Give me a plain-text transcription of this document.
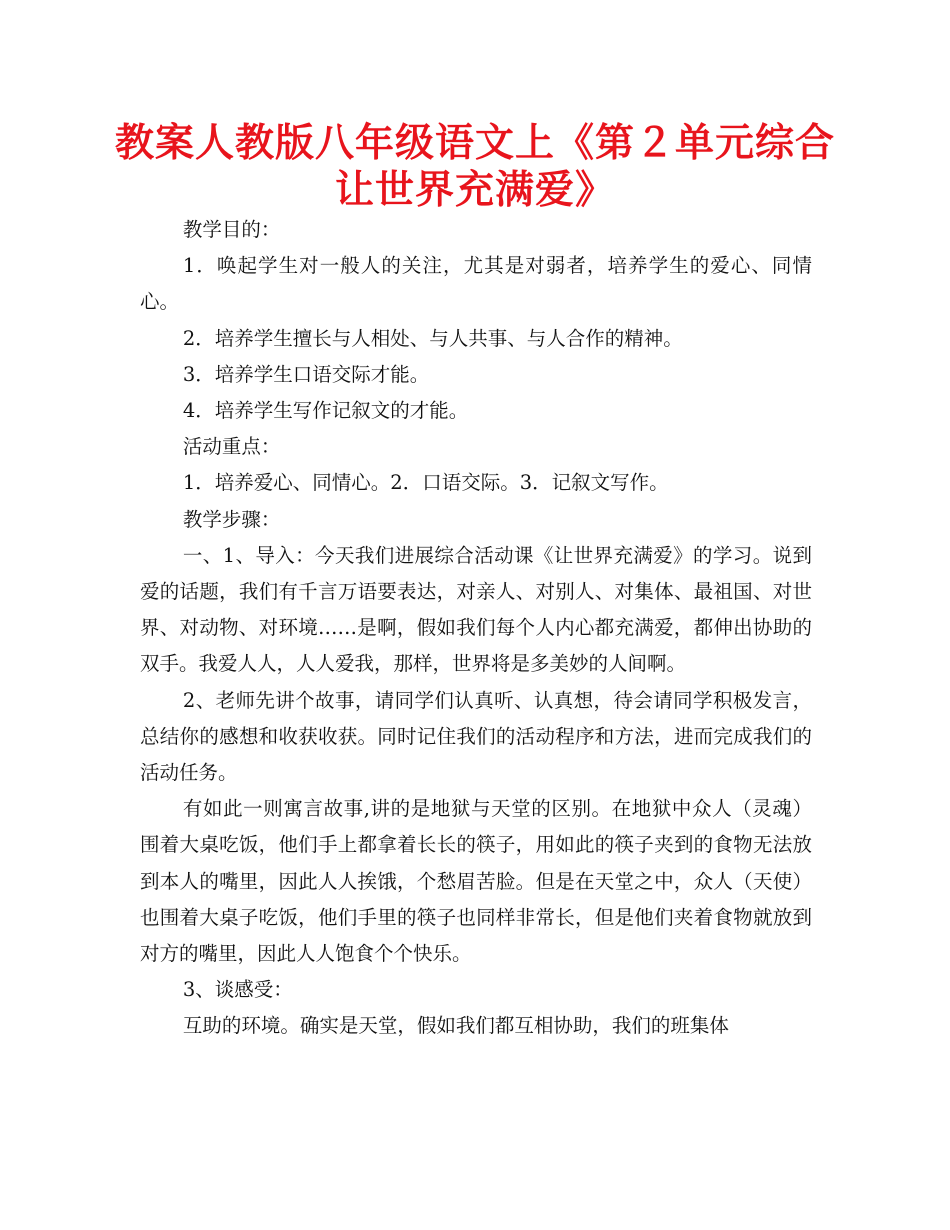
教案人教版八年级语文上《第２单元综合
让世界充满爱》

教学目的：

1．唤起学生对一般人的关注，尤其是对弱者，培养学生的爱心、同情心。

2．培养学生擅长与人相处、与人共事、与人合作的精神。

3．培养学生口语交际才能。

4．培养学生写作记叙文的才能。

活动重点：

1．培养爱心、同情心。2．口语交际。3．记叙文写作。

教学步骤：

一、1、导入：今天我们进展综合活动课《让世界充满爱》的学习。说到爱的话题，我们有千言万语要表达，对亲人、对别人、对集体、最祖国、对世界、对动物、对环境……是啊，假如我们每个人内心都充满爱，都伸出协助的双手。我爱人人，人人爱我，那样，世界将是多美妙的人间啊。

2、老师先讲个故事，请同学们认真听、认真想，待会请同学积极发言，总结你的感想和收获收获。同时记住我们的活动程序和方法，进而完成我们的活动任务。

有如此一则寓言故事,讲的是地狱与天堂的区别。在地狱中众人（灵魂）围着大桌吃饭，他们手上都拿着长长的筷子，用如此的筷子夹到的食物无法放到本人的嘴里，因此人人挨饿，个愁眉苦脸。但是在天堂之中，众人（天使）也围着大桌子吃饭，他们手里的筷子也同样非常长，但是他们夹着食物就放到对方的嘴里，因此人人饱食个个快乐。

3、谈感受：

互助的环境。确实是天堂，假如我们都互相协助，我们的班集体
